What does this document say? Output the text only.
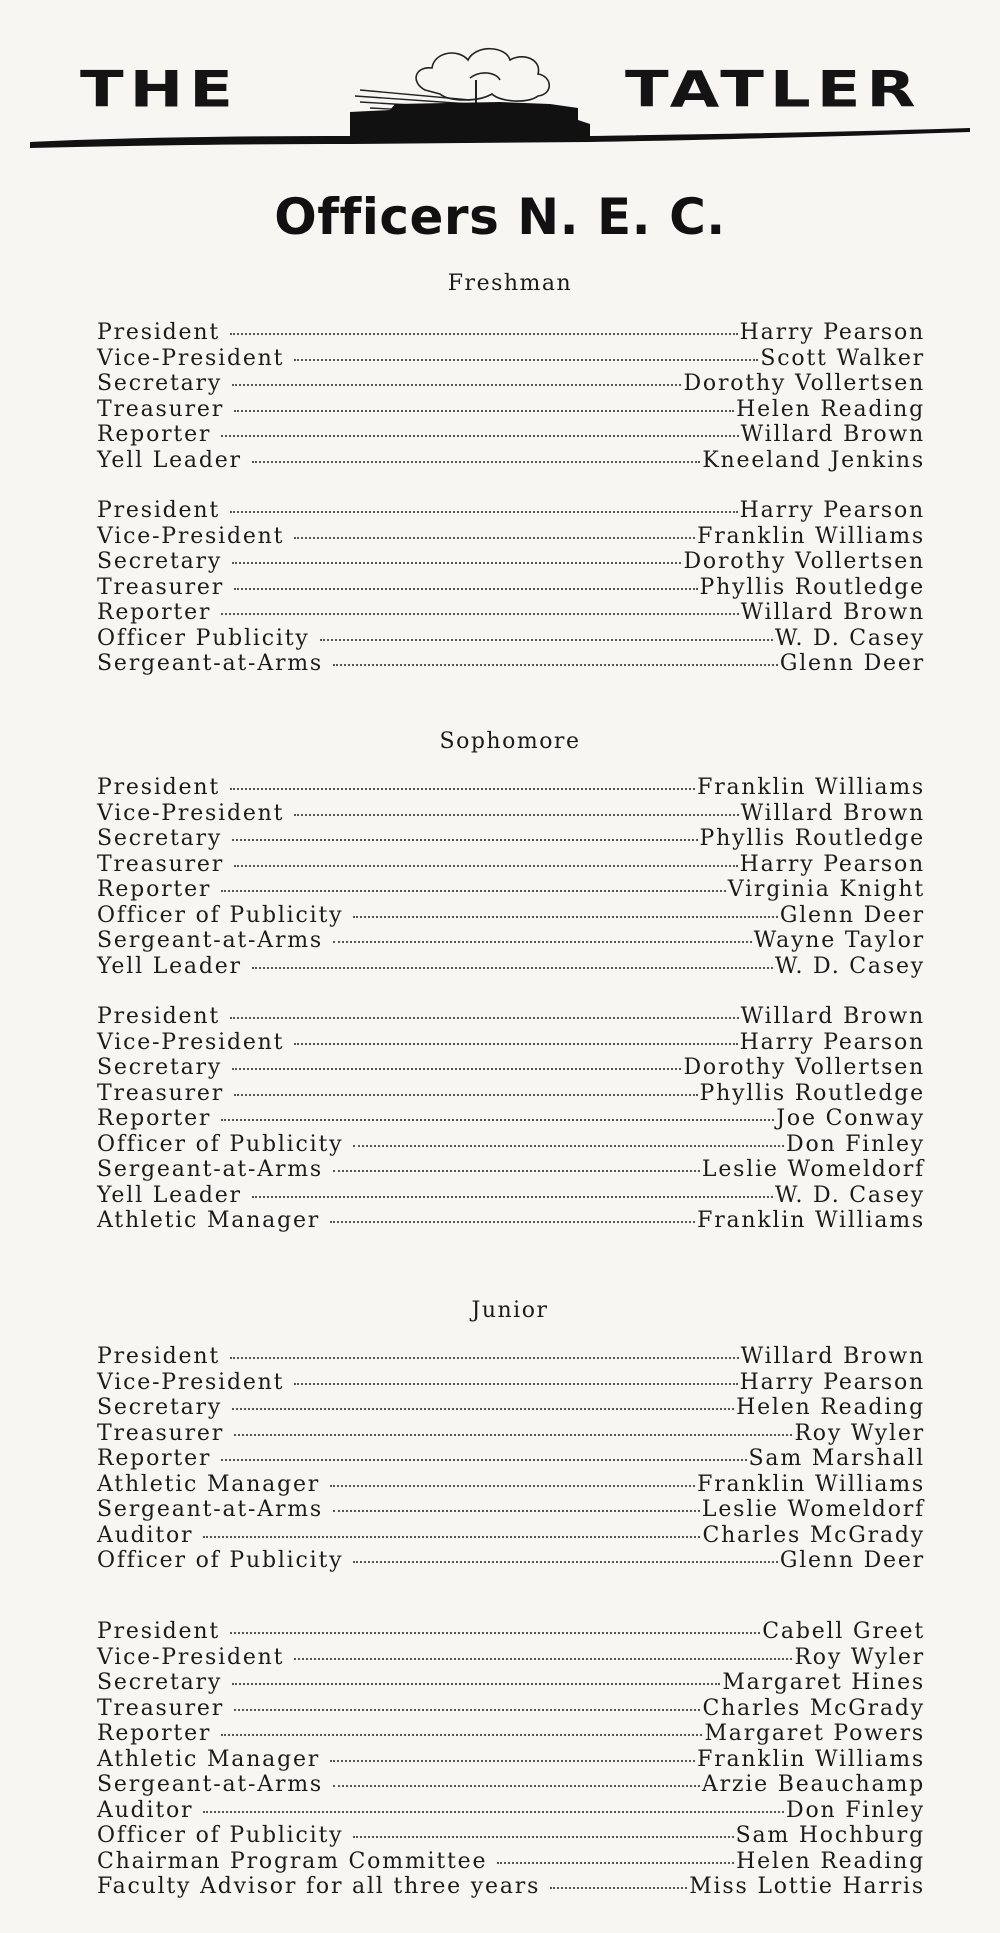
THE	TATLER
Officers N. E. C.
Freshman
President	Harry Pearson
Vice-President	Scott Walker
Secretary	Dorothy Vollertsen
Treasurer	Helen Reading
Reporter	Willard Brown
Yell Leader	Kneeland Jenkins
President	Harry Pearson
Vice-President	Franklin Williams
Secretary	Dorothy Vollertsen
Treasurer	Phyllis Routledge
Reporter	Willard Brown
Officer Publicity	W. D. Casey
Sergeant-at-Arms	Glenn Deer
Sophomore
President	Franklin Williams
Vice-President	Willard Brown
Secretary	Phyllis Routledge
Treasurer	Harry Pearson
Reporter	Virginia Knight
Officer of Publicity	Glenn Deer
Sergeant-at-Arms	Wayne Taylor
Yell Leader	W. D. Casey
President	Willard Brown
Vice-President	Harry Pearson
Secretary	Dorothy Vollertsen
Treasurer	Phyllis Routledge
Reporter	Joe Conway
Officer of Publicity	Don Finley
Sergeant-at-Arms	Leslie Womeldorf
Yell Leader	W. D. Casey
Athletic Manager	Franklin Williams
Junior
President	Willard Brown
Vice-President	Harry Pearson
Secretary	Helen Reading
Treasurer	Roy Wyler
Reporter	Sam Marshall
Athletic Manager	Franklin Williams
Sergeant-at-Arms	Leslie Womeldorf
Auditor	Charles McGrady
Officer of Publicity	Glenn Deer
President	Cabell Greet
Vice-President	Roy Wyler
Secretary	Margaret Hines
Treasurer	Charles McGrady
Reporter	Margaret Powers
Athletic Manager	Franklin Williams
Sergeant-at-Arms	Arzie Beauchamp
Auditor	Don Finley
Officer of Publicity	Sam Hochburg
Chairman Program Committee	Helen Reading
Faculty Advisor for all three years	Miss Lottie Harris
